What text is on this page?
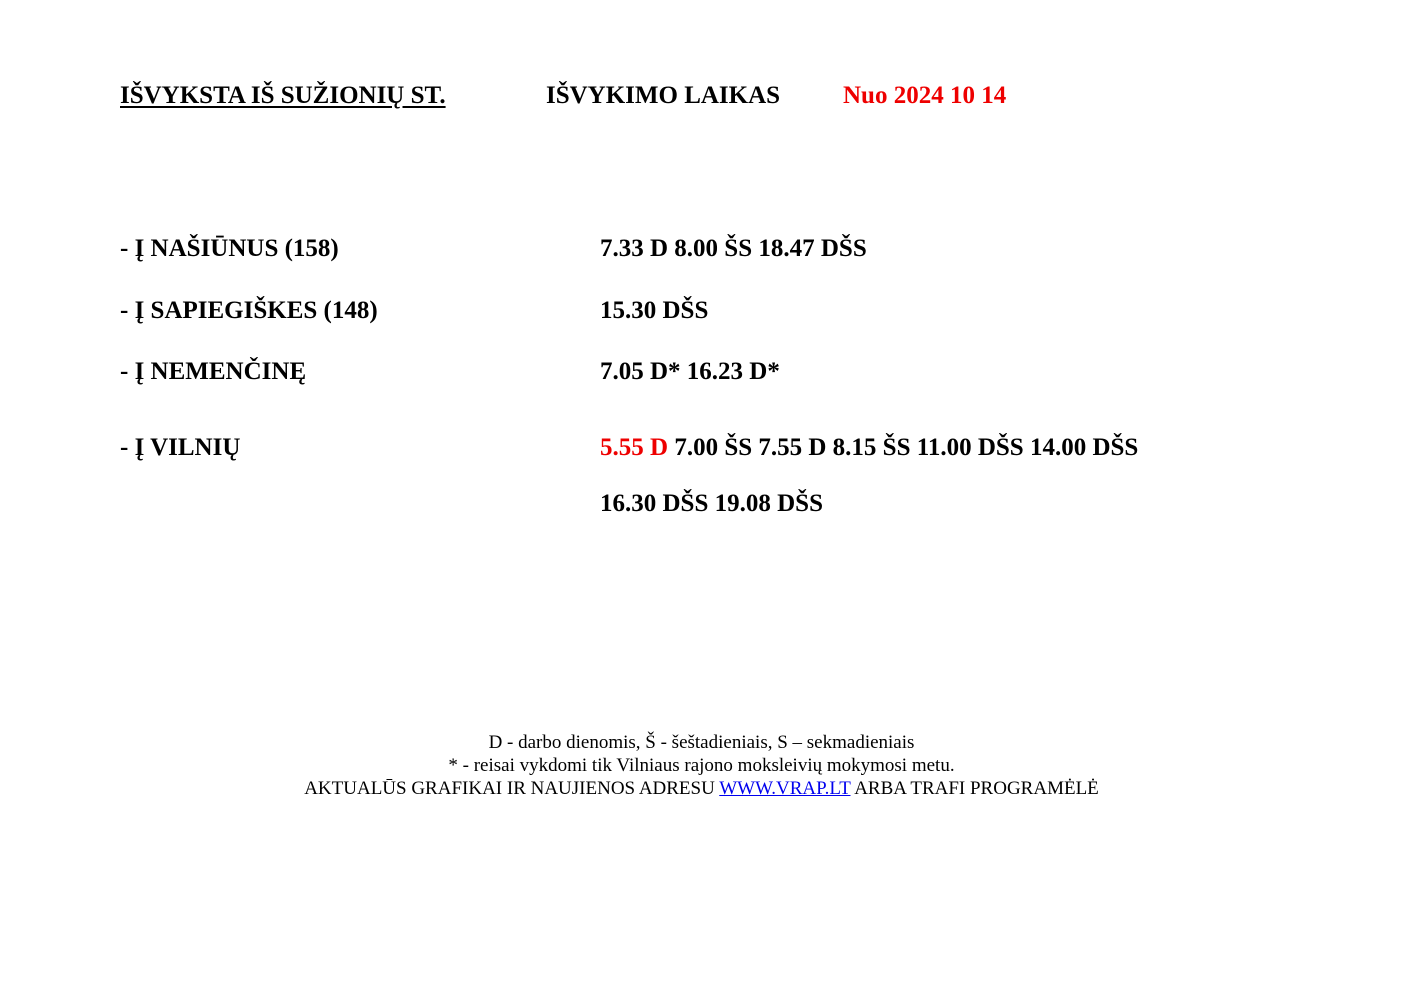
IŠVYKSTA IŠ SUŽIONIŲ ST.	IŠVYKIMO LAIKAS	Nuo 2024 10 14
- Į NAŠIŪNUS (158)	7.33 D 8.00 ŠS 18.47 DŠS
- Į SAPIEGIŠKES (148)	15.30 DŠS
- Į NEMENČINĘ	7.05 D* 16.23 D*
- Į VILNIŲ	5.55 D 7.00 ŠS 7.55 D 8.15 ŠS 11.00 DŠS 14.00 DŠS
16.30 DŠS 19.08 DŠS
D - darbo dienomis, Š - šeštadieniais, S – sekmadieniais
* - reisai vykdomi tik Vilniaus rajono moksleivių mokymosi metu.
AKTUALŪS GRAFIKAI IR NAUJIENOS ADRESU WWW.VRAP.LT ARBA TRAFI PROGRAMĖLĖ
